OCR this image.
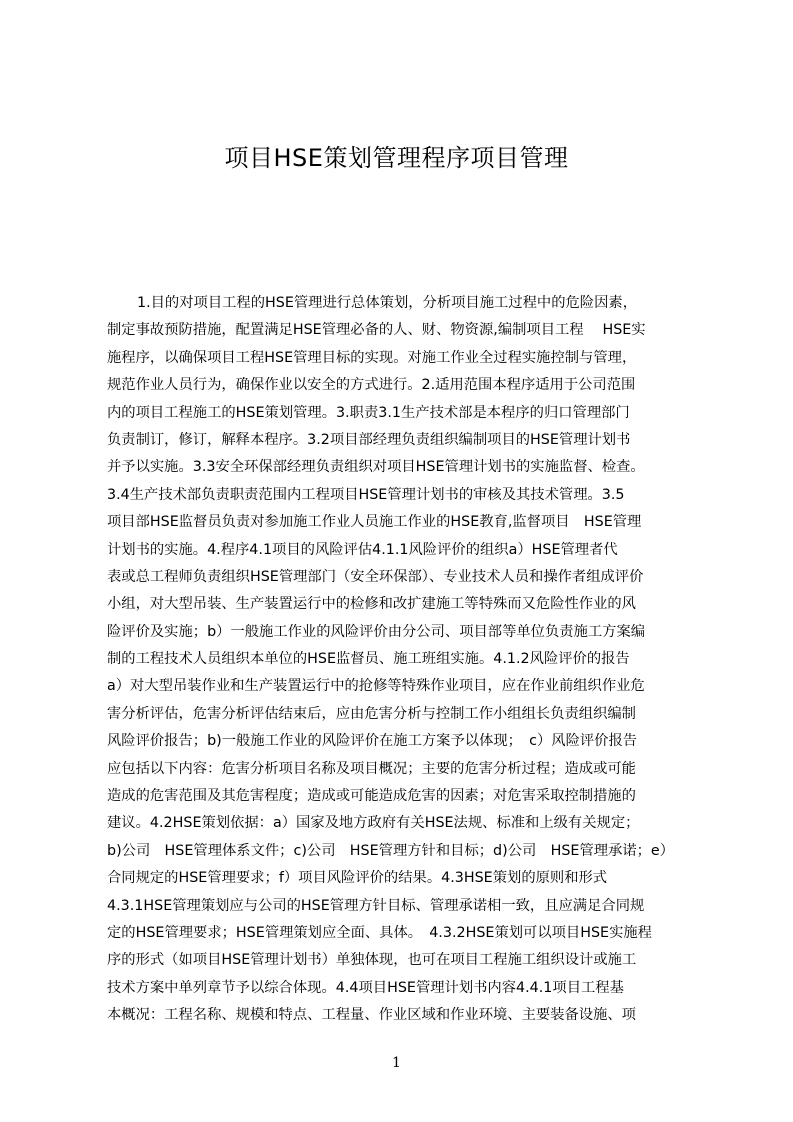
项目HSE策划管理程序项目管理
1.目的对项目工程的HSE管理进行总体策划，分析项目施工过程中的危险因素，
制定事故预防措施，配置满足HSE管理必备的人、财、物资源,编制项目工程　 HSE实
施程序，以确保项目工程HSE管理目标的实现。对施工作业全过程实施控制与管理，
规范作业人员行为，确保作业以安全的方式进行。2.适用范围本程序适用于公司范围
内的项目工程施工的HSE策划管理。3.职责3.1生产技术部是本程序的归口管理部门
负责制订，修订，解释本程序。3.2项目部经理负责组织编制项目的HSE管理计划书
并予以实施。3.3安全环保部经理负责组织对项目HSE管理计划书的实施监督、检查。
3.4生产技术部负责职责范围内工程项目HSE管理计划书的审核及其技术管理。3.5
项目部HSE监督员负责对参加施工作业人员施工作业的HSE教育,监督项目　HSE管理
计划书的实施。4.程序4.1项目的风险评估4.1.1风险评价的组织a）HSE管理者代
表或总工程师负责组织HSE管理部门（安全环保部）、专业技术人员和操作者组成评价
小组，对大型吊装、生产装置运行中的检修和改扩建施工等特殊而又危险性作业的风
险评价及实施；b）一般施工作业的风险评价由分公司、项目部等单位负责施工方案编
制的工程技术人员组织本单位的HSE监督员、施工班组实施。4.1.2风险评价的报告
a）对大型吊装作业和生产装置运行中的抢修等特殊作业项目，应在作业前组织作业危
害分析评估，危害分析评估结束后，应由危害分析与控制工作小组组长负责组织编制
风险评价报告；b)一般施工作业的风险评价在施工方案予以体现；　c）风险评价报告
应包括以下内容：危害分析项目名称及项目概况；主要的危害分析过程；造成或可能
造成的危害范围及其危害程度；造成或可能造成危害的因素；对危害采取控制措施的
建议。4.2HSE策划依据：a）国家及地方政府有关HSE法规、标准和上级有关规定；
b)公司　HSE管理体系文件；c)公司　HSE管理方针和目标；d)公司　HSE管理承诺；e）
合同规定的HSE管理要求；f）项目风险评价的结果。4.3HSE策划的原则和形式
4.3.1HSE管理策划应与公司的HSE管理方针目标、管理承诺相一致，且应满足合同规
定的HSE管理要求；HSE管理策划应全面、具体。　4.3.2HSE策划可以项目HSE实施程
序的形式（如项目HSE管理计划书）单独体现，也可在项目工程施工组织设计或施工
技术方案中单列章节予以综合体现。4.4项目HSE管理计划书内容4.4.1项目工程基
本概况：工程名称、规模和特点、工程量、作业区域和作业环境、主要装备设施、项
1
